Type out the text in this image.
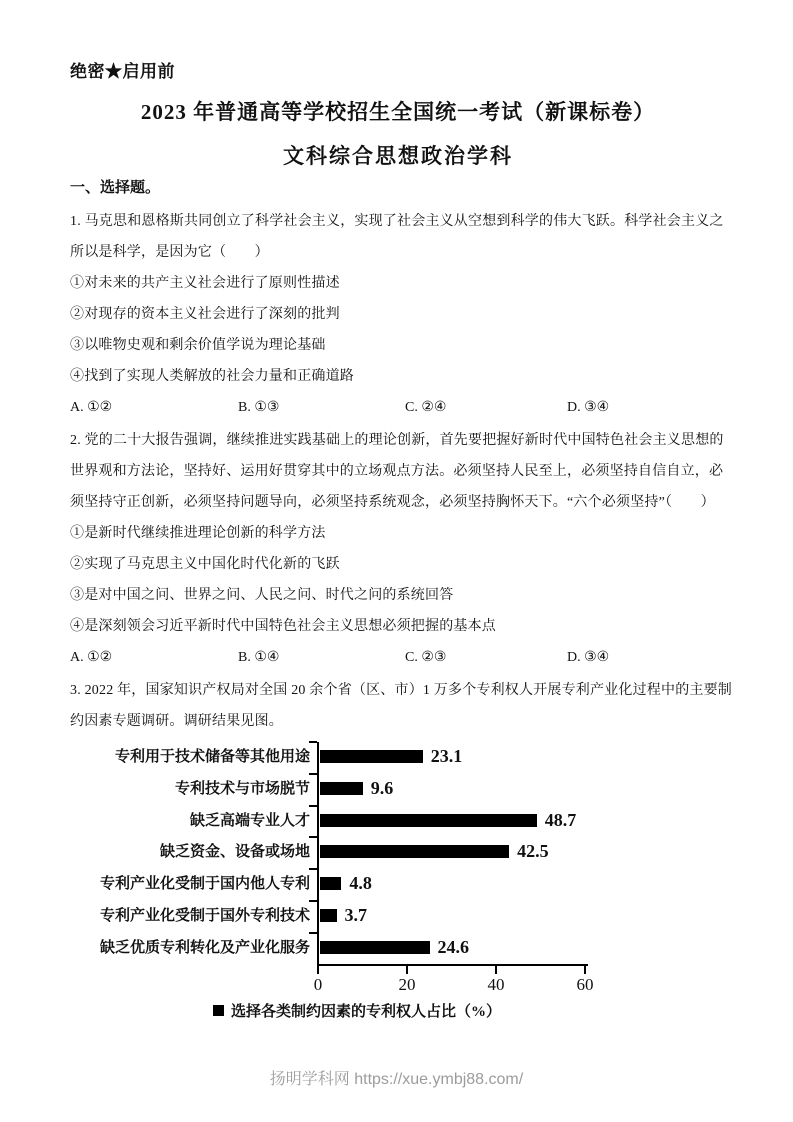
绝密★启用前
2023 年普通高等学校招生全国统一考试（新课标卷）
文科综合思想政治学科
一、选择题。
1. 马克思和恩格斯共同创立了科学社会主义，实现了社会主义从空想到科学的伟大飞跃。科学社会主义之
所以是科学，是因为它（　　）
①对未来的共产主义社会进行了原则性描述
②对现存的资本主义社会进行了深刻的批判
③以唯物史观和剩余价值学说为理论基础
④找到了实现人类解放的社会力量和正确道路
A. ①②	B. ①③	C. ②④	D. ③④
2. 党的二十大报告强调，继续推进实践基础上的理论创新，首先要把握好新时代中国特色社会主义思想的
世界观和方法论，坚持好、运用好贯穿其中的立场观点方法。必须坚持人民至上，必须坚持自信自立，必
须坚持守正创新，必须坚持问题导向，必须坚持系统观念，必须坚持胸怀天下。“六个必须坚持”（　　）
①是新时代继续推进理论创新的科学方法
②实现了马克思主义中国化时代化新的飞跃
③是对中国之问、世界之问、人民之问、时代之问的系统回答
④是深刻领会习近平新时代中国特色社会主义思想必须把握的基本点
A. ①②	B. ①④	C. ②③	D. ③④
3. 2022 年，国家知识产权局对全国 20 余个省（区、市）1 万多个专利权人开展专利产业化过程中的主要制
约因素专题调研。调研结果见图。
专利用于技术储备等其他用途	23.1
专利技术与市场脱节	9.6
缺乏高端专业人才	48.7
缺乏资金、设备或场地	42.5
专利产业化受制于国内他人专利 4.8
专利产业化受制于国外专利技术 3.7
缺乏优质专利转化及产业化服务	24.6
0	20	40	60
选择各类制约因素的专利权人占比（%）
扬明学科网 https://xue.ymbj88.com/
